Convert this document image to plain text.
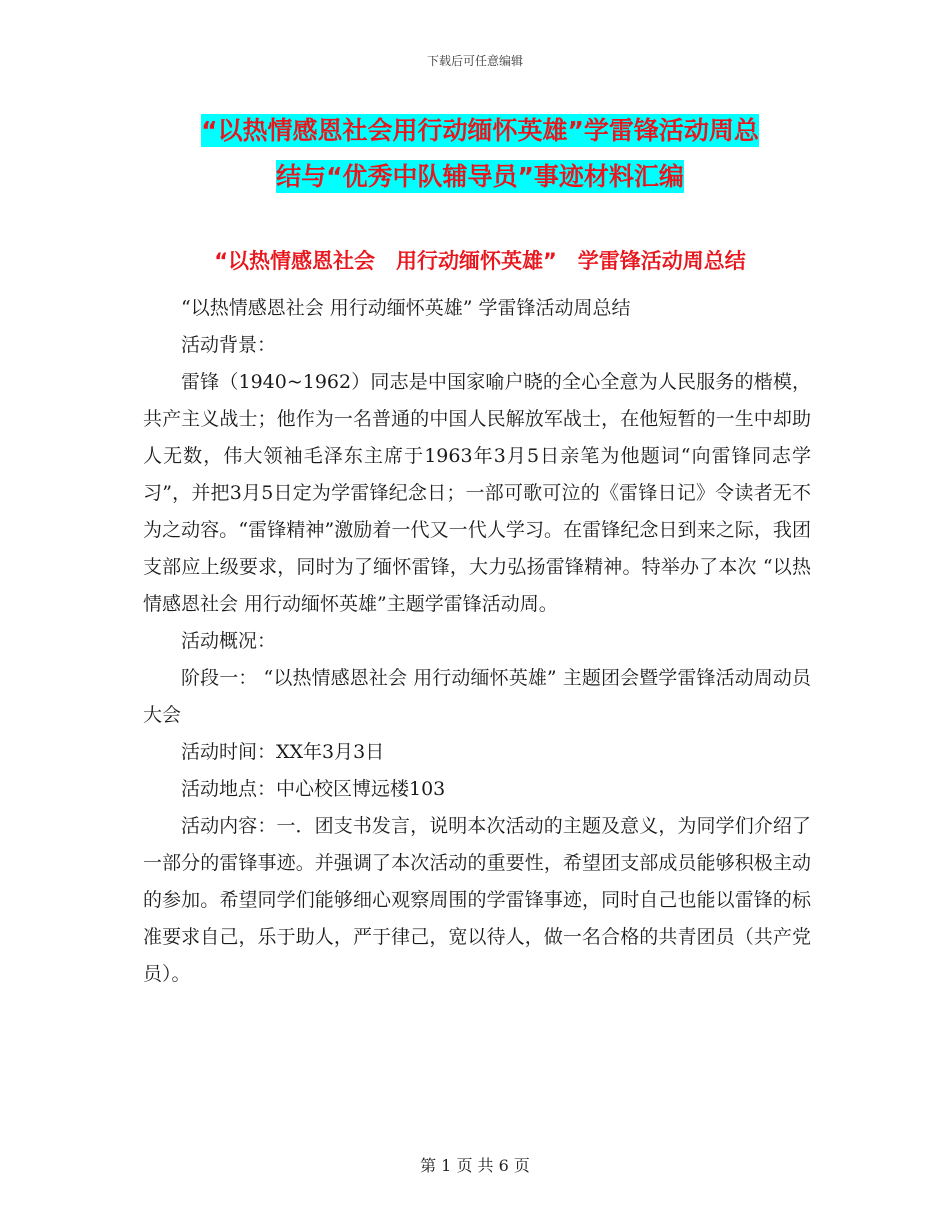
下载后可任意编辑
“以热情感恩社会用行动缅怀英雄”学雷锋活动周总
结与“优秀中队辅导员”事迹材料汇编
“以热情感恩社会　用行动缅怀英雄”　学雷锋活动周总结

“以热情感恩社会 用行动缅怀英雄” 学雷锋活动周总结

活动背景：

雷锋（1940~1962）同志是中国家喻户晓的全心全意为人民服务的楷模，共产主义战士；他作为一名普通的中国人民解放军战士，在他短暂的一生中却助人无数，伟大领袖毛泽东主席于1963年3月5日亲笔为他题词“向雷锋同志学习”，并把3月5日定为学雷锋纪念日；一部可歌可泣的《雷锋日记》令读者无不为之动容。“雷锋精神”激励着一代又一代人学习。在雷锋纪念日到来之际，我团支部应上级要求，同时为了缅怀雷锋，大力弘扬雷锋精神。特举办了本次 “以热情感恩社会 用行动缅怀英雄”主题学雷锋活动周。

活动概况：

阶段一： “以热情感恩社会 用行动缅怀英雄” 主题团会暨学雷锋活动周动员大会

活动时间：XX年3月3日

活动地点：中心校区博远楼103

活动内容：一．团支书发言，说明本次活动的主题及意义，为同学们介绍了一部分的雷锋事迹。并强调了本次活动的重要性，希望团支部成员能够积极主动的参加。希望同学们能够细心观察周围的学雷锋事迹，同时自己也能以雷锋的标准要求自己，乐于助人，严于律己，宽以待人，做一名合格的共青团员（共产党员）。

第 1 页 共 6 页
